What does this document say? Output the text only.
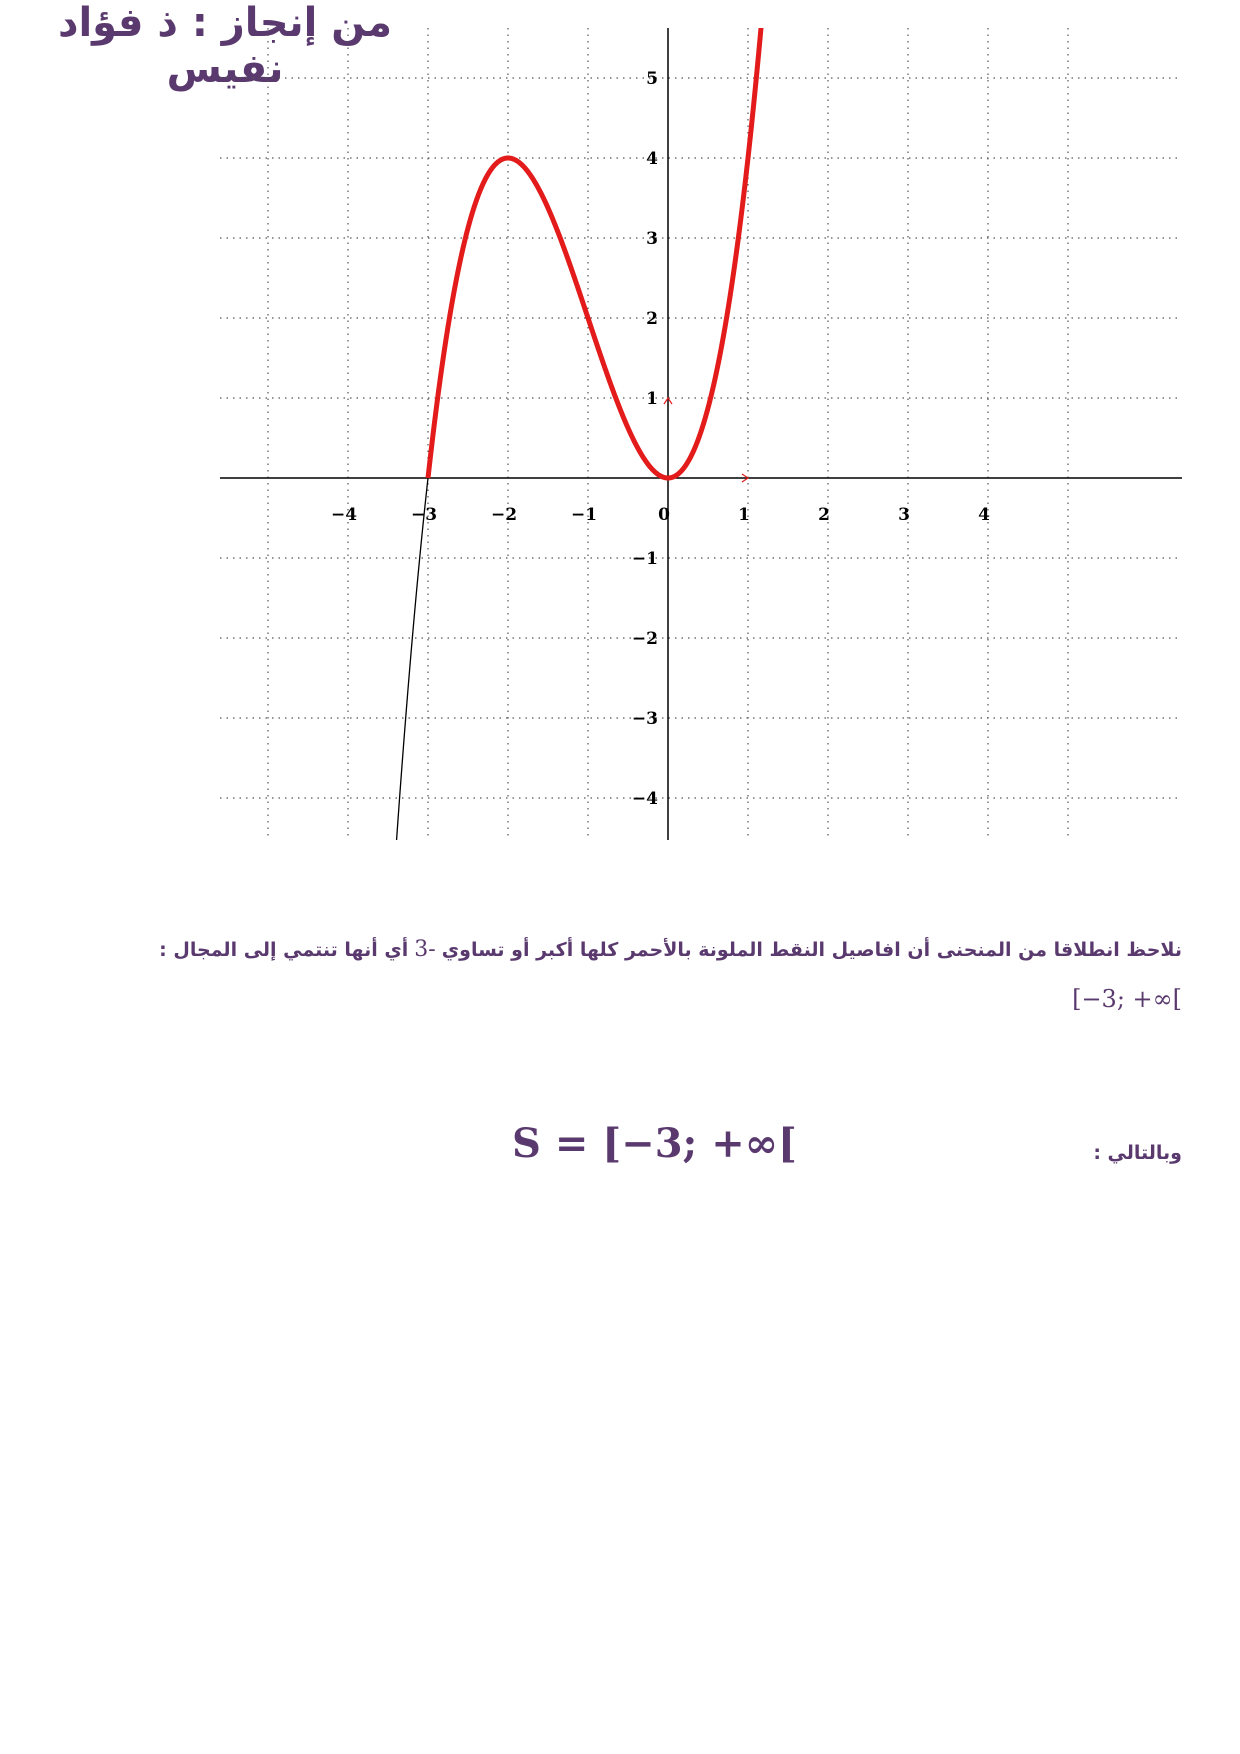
−4	−3	−2	−1	0	1	2	3	4
5
4
3
2
1
−1
−2
−3
−4
نلاحظ انطلاقا من المنحنى أن افاصيل النقط الملونة بالأحمر كلها أكبر أو تساوي-3أي أنها تنتمي إلى المجال :
[−3; +∞[
وبالتالي :
S = [−3; +∞[
من إنجاز : ذ فؤاد نفيس
